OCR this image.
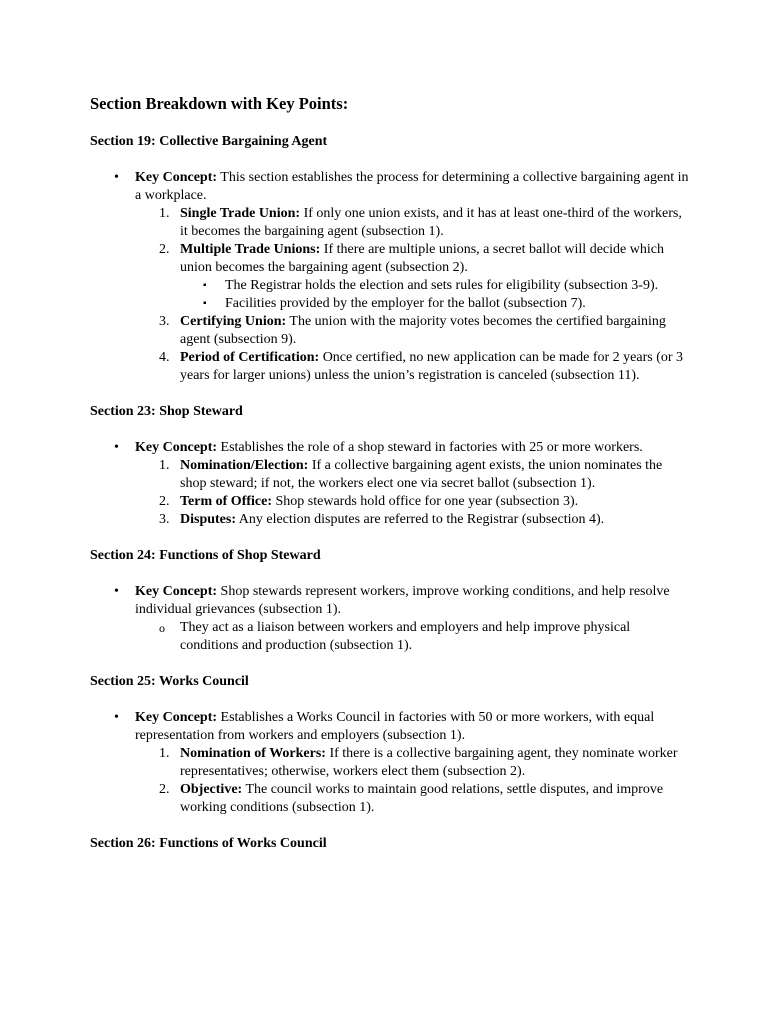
Section Breakdown with Key Points:
Section 19: Collective Bargaining Agent
• Key Concept: This section establishes the process for determining a collective bargaining agent in a workplace.
1. Single Trade Union: If only one union exists, and it has at least one-third of the workers, it becomes the bargaining agent (subsection 1).
2. Multiple Trade Unions: If there are multiple unions, a secret ballot will decide which union becomes the bargaining agent (subsection 2).
▪ The Registrar holds the election and sets rules for eligibility (subsection 3-9).
▪ Facilities provided by the employer for the ballot (subsection 7).
3. Certifying Union: The union with the majority votes becomes the certified bargaining agent (subsection 9).
4. Period of Certification: Once certified, no new application can be made for 2 years (or 3 years for larger unions) unless the union’s registration is canceled (subsection 11).
Section 23: Shop Steward
• Key Concept: Establishes the role of a shop steward in factories with 25 or more workers.
1. Nomination/Election: If a collective bargaining agent exists, the union nominates the shop steward; if not, the workers elect one via secret ballot (subsection 1).
2. Term of Office: Shop stewards hold office for one year (subsection 3).
3. Disputes: Any election disputes are referred to the Registrar (subsection 4).
Section 24: Functions of Shop Steward
• Key Concept: Shop stewards represent workers, improve working conditions, and help resolve individual grievances (subsection 1).
o They act as a liaison between workers and employers and help improve physical conditions and production (subsection 1).
Section 25: Works Council
• Key Concept: Establishes a Works Council in factories with 50 or more workers, with equal representation from workers and employers (subsection 1).
1. Nomination of Workers: If there is a collective bargaining agent, they nominate worker representatives; otherwise, workers elect them (subsection 2).
2. Objective: The council works to maintain good relations, settle disputes, and improve working conditions (subsection 1).
Section 26: Functions of Works Council
